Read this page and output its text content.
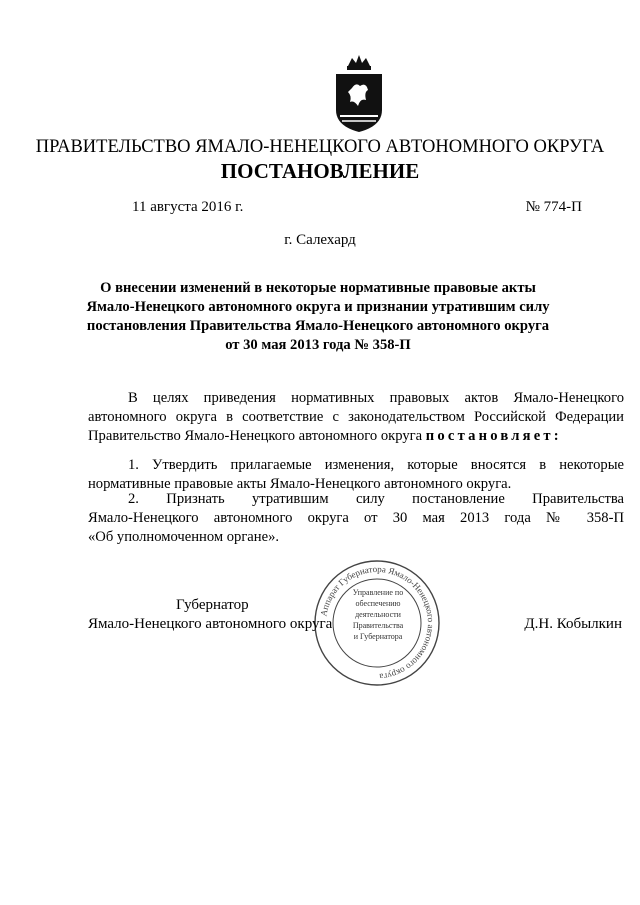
ПРАВИТЕЛЬСТВО ЯМАЛО-НЕНЕЦКОГО АВТОНОМНОГО ОКРУГА
ПОСТАНОВЛЕНИЕ
11 августа 2016 г.	№ 774-П
г. Салехард
О внесении изменений в некоторые нормативные правовые акты
Ямало-Ненецкого автономного округа и признании утратившим силу
постановления Правительства Ямало-Ненецкого автономного округа
от 30 мая 2013 года № 358-П
В целях приведения нормативных правовых актов Ямало-Ненецкого
автономного округа в соответствие с законодательством Российской Федерации
Правительство Ямало-Ненецкого автономного округа постановляет:
1. Утвердить прилагаемые изменения, которые вносятся в некоторые
нормативные правовые акты Ямало-Ненецкого автономного округа.
2. Признать утратившим силу постановление Правительства
Ямало-Ненецкого автономного округа от 30 мая 2013 года № 358-П
«Об уполномоченном органе».
Аппарат Губернатора Ямало-Ненецкого автономного округа
Управление по
обеспечению
деятельности
Правительства
и Губернатора
Губернатор
Ямало-Ненецкого автономного округа	Д.Н. Кобылкин
